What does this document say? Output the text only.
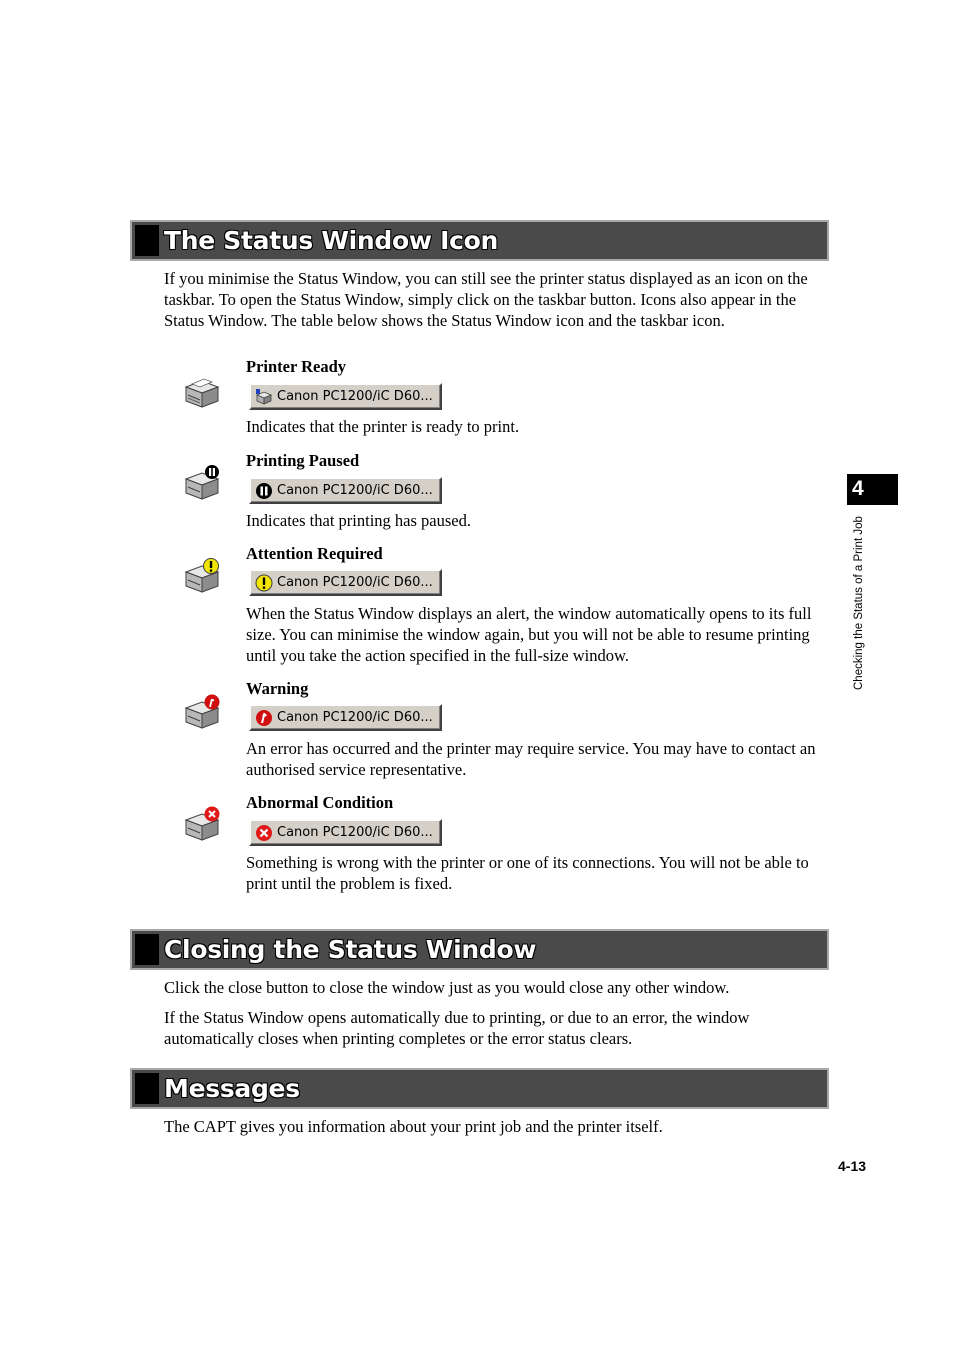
The Status Window Icon

If you minimise the Status Window, you can still see the printer status displayed as an icon on the taskbar. To open the Status Window, simply click on the taskbar button. Icons also appear in the Status Window. The table below shows the Status Window icon and the taskbar icon.

Printer Ready
Canon PC1200/iC D60...
Indicates that the printer is ready to print.
Printing Paused
Canon PC1200/iC D60...
Indicates that printing has paused.
Attention Required
Canon PC1200/iC D60...
When the Status Window displays an alert, the window automatically opens to its full size. You can minimise the window again, but you will not be able to resume printing until you take the action specified in the full-size window.
Warning
Canon PC1200/iC D60...
An error has occurred and the printer may require service. You may have to contact an authorised service representative.
Abnormal Condition
Canon PC1200/iC D60...
Something is wrong with the printer or one of its connections. You will not be able to print until the problem is fixed.
Closing the Status Window

Click the close button to close the window just as you would close any other window.

If the Status Window opens automatically due to printing, or due to an error, the window automatically closes when printing completes or the error status clears.

Messages

The CAPT gives you information about your print job and the printer itself.

4
Checking the Status of a Print Job
4-13
